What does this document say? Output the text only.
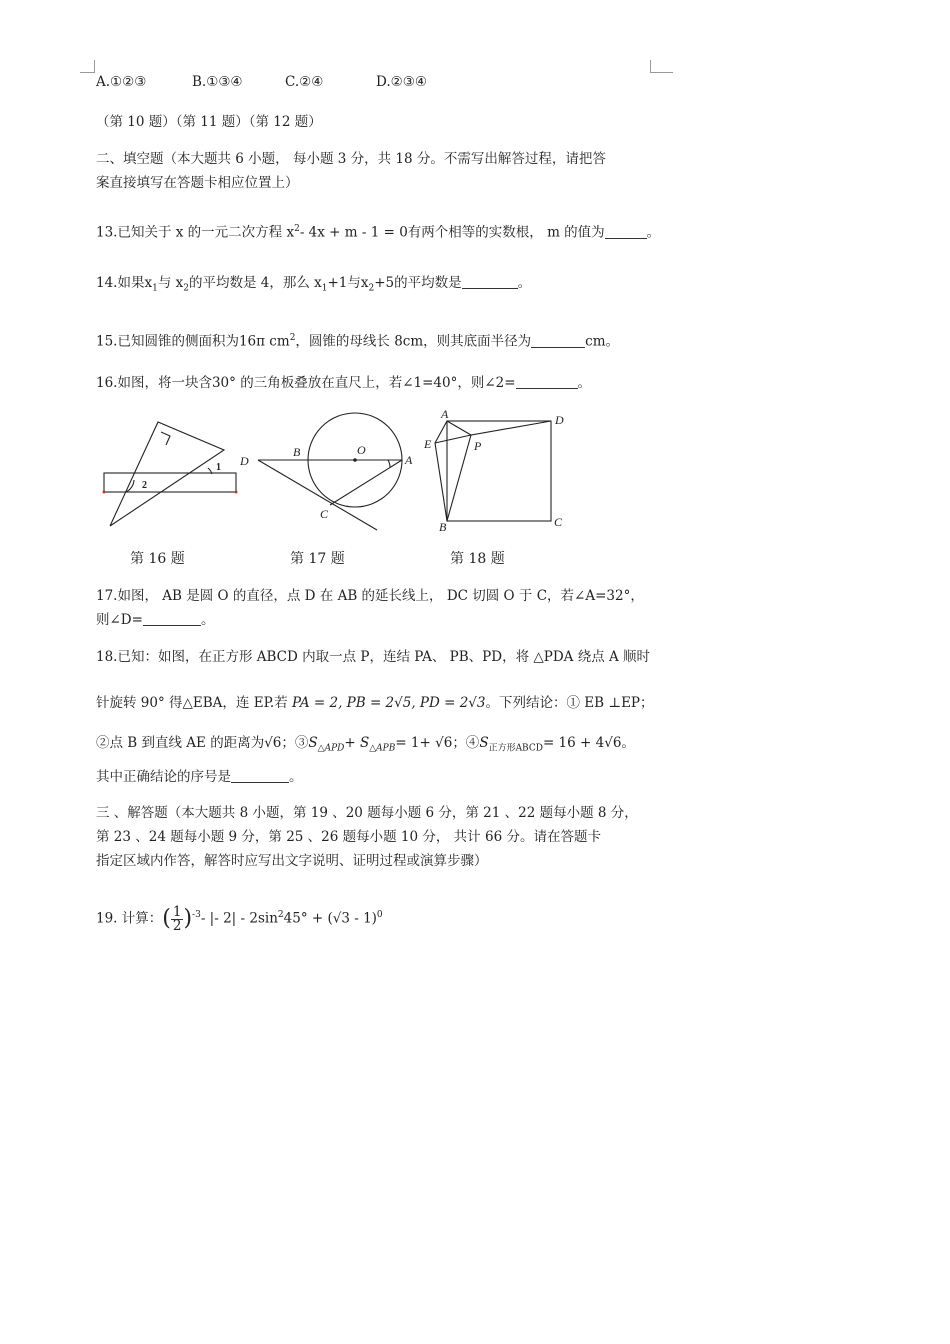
A.①②③	B.①③④	C.②④	D.②③④
（第 10 题）（第 11 题）（第 12 题）
二、填空题（本大题共 6 小题， 每小题 3 分，共 18 分。不需写出解答过程，请把答
案直接填写在答题卡相应位置上）
13.已知关于 x 的一元二次方程 $x^2-$ 4x + m - 1 = 0有两个相等的实数根， m 的值为	。
14.如果$x_1$与 $x_2$的平均数是 4，那么 $x_1+1$与$x_2+5$的平均数是	。
15.已知圆锥的侧面积为16π $cm^2$，圆锥的母线长 8cm，则其底面半径为	cm。
16.如图，将一块含30° 的三角板叠放在直尺上，若∠1=40°，则∠2=	。
1
2
D
B	O
A
C
A	D
E	P
B	C
第 16 题	第 17 题	第 18 题
17.如图， AB 是圆 O 的直径，点 D 在 AB 的延长线上， DC 切圆 O 于 C，若∠A=32°，
则∠D=	。
18.已知：如图，在正方形 ABCD 内取一点 P，连结 PA、 PB、PD，将 △PDA 绕点 A 顺时
针旋转 90° 得△EBA，连 EP.若 PA = 2, PB = 2√5, PD = 2√3。下列结论：① EB ⊥EP；
②点 B 到直线 AE 的距离为√6；$③S_{\triangle APD}+ S_{\triangle APB}= 1+ √6$；$④S_{正方形ABCD}= 16 + 4√6$。
其中正确结论的序号是	。
三 、解答题（本大题共 8 小题，第 19 、20 题每小题 6 分，第 21 、22 题每小题 8 分，
第 23 、24 题每小题 9 分，第 25 、26 题每小题 10 分， 共计 66 分。请在答题卡
指定区域内作答，解答时应写出文字说明、证明过程或演算步骤）
19. 计算：( $\frac{1}{2} )^{-3}-$ |- $2| - 2\sin^245^\circ + (√3 - 1)^0$
